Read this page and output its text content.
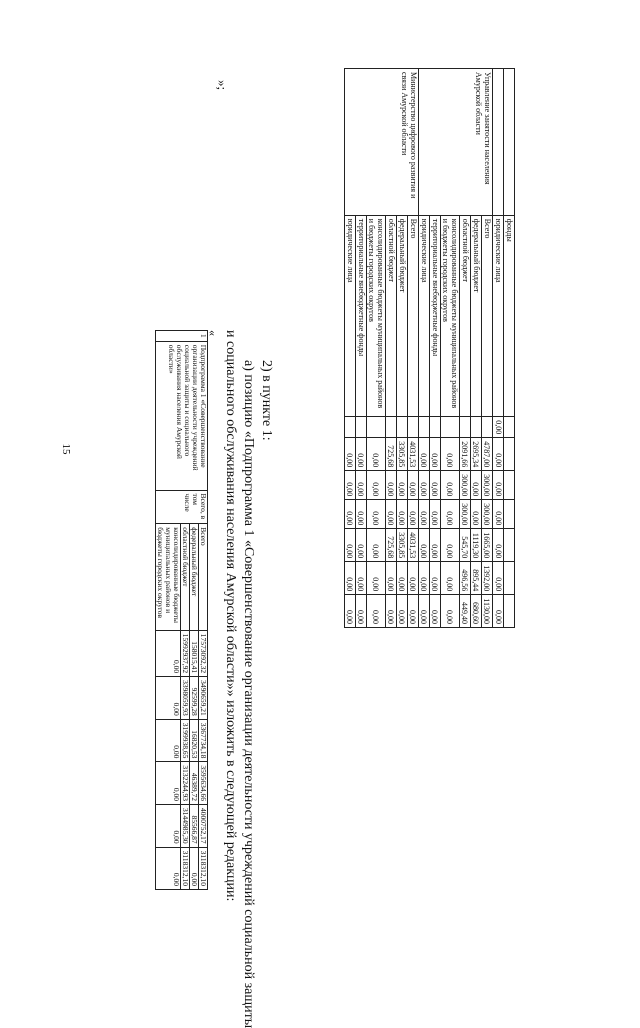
15
	фонды							
	юридические лица	0,00	0,00	0,00	0,00	0,00	0,00	0,00
Управление занятости населения Амурской области	Всего		4787,00	300,00	300,00	1665,00	1392,00	1130,00
	федеральный бюджет		2695,34	0,00	0,00	1119,30	895,44	680,60
	областной бюджет		2091,66	300,00	300,00	545,70	496,56	449,40
	консолидированные бюджеты муниципальных районов и бюджеты городских округов		0,00	0,00	0,00	0,00	0,00	0,00
	территориальные внебюджетные фонды		0,00	0,00	0,00	0,00	0,00	0,00
	юридические лица		0,00	0,00	0,00	0,00	0,00	0,00
Министерство цифрового развития и связи Амурской области	Всего		4031,53	0,00	0,00	4031,53	0,00	0,00
	федеральный бюджет		3305,85	0,00	0,00	3305,85	0,00	0,00
	областной бюджет		725,68	0,00	0,00	725,68	0,00	0,00
	консолидированные бюджеты муниципальных районов и бюджеты городских округов		0,00	0,00	0,00	0,00	0,00	0,00
	территориальные внебюджетные фонды		0,00	0,00	0,00	0,00	0,00	0,00
	юридические лица		0,00	0,00	0,00	0,00	0,00	0,00
»;
2) в пункте 1:
а) позицию «Подпрограмма 1 «Совершенствование организации деятельности учреждений социальной защиты
и социального обслуживания населения Амурской области»» изложить в следующей редакции:
«
1	Подпрограмма 1 «Совершенствование организации деятельности учреждений социальной защиты и социального обслуживания населения Амурской области»	Всего, в том числе	Всего	17573092,32	3490659,21	3367734,18	3595634,66	4000752,17	3118312,10
			федеральный бюджет	158015,41	92599,28	16820,53	46389,72	85566,87	0,00
			областной бюджет	15992937,92	3398059,93	3199938,65	3132244,93	3144985,30	3118312,10
			консолидированные бюджеты муниципальных районов и бюджеты городских округов	0,00	0,00	0,00	0,00	0,00	0,00
